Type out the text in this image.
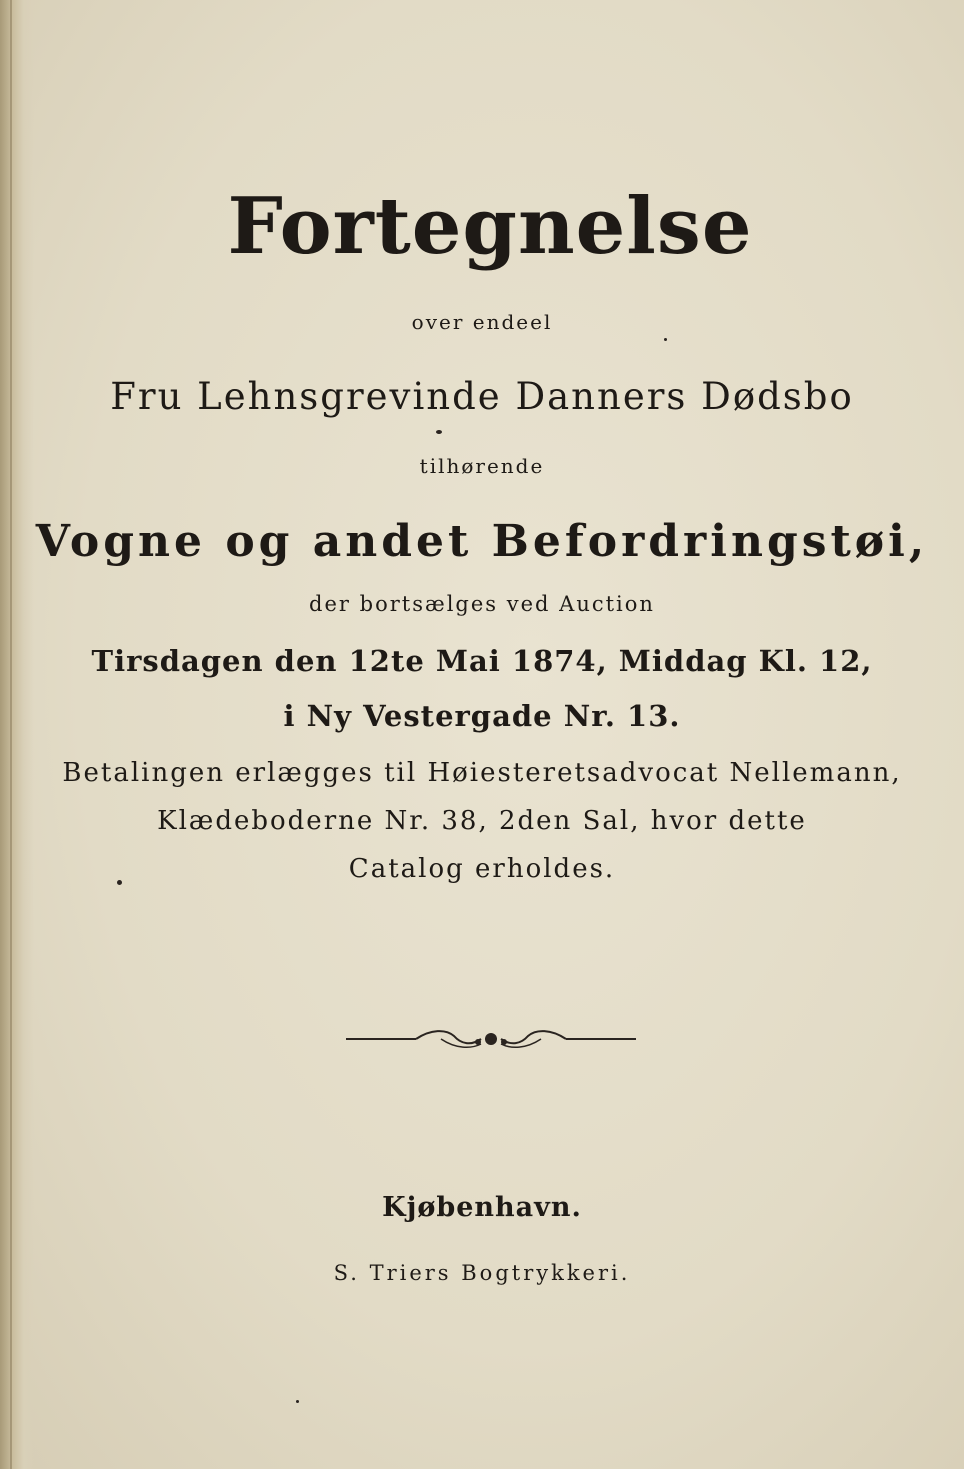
Fortegnelse
over endeel
Fru Lehnsgrevinde Danners Dødsbo
tilhørende
Vogne og andet Befordringstøi,
der bortsælges ved Auction
Tirsdagen den 12te Mai 1874, Middag Kl. 12,
i Ny Vestergade Nr. 13.
Betalingen erlægges til Høiesteretsadvocat Nellemann,
Klædeboderne Nr. 38, 2den Sal, hvor dette
Catalog erholdes.
Kjøbenhavn.
S. Triers Bogtrykkeri.
